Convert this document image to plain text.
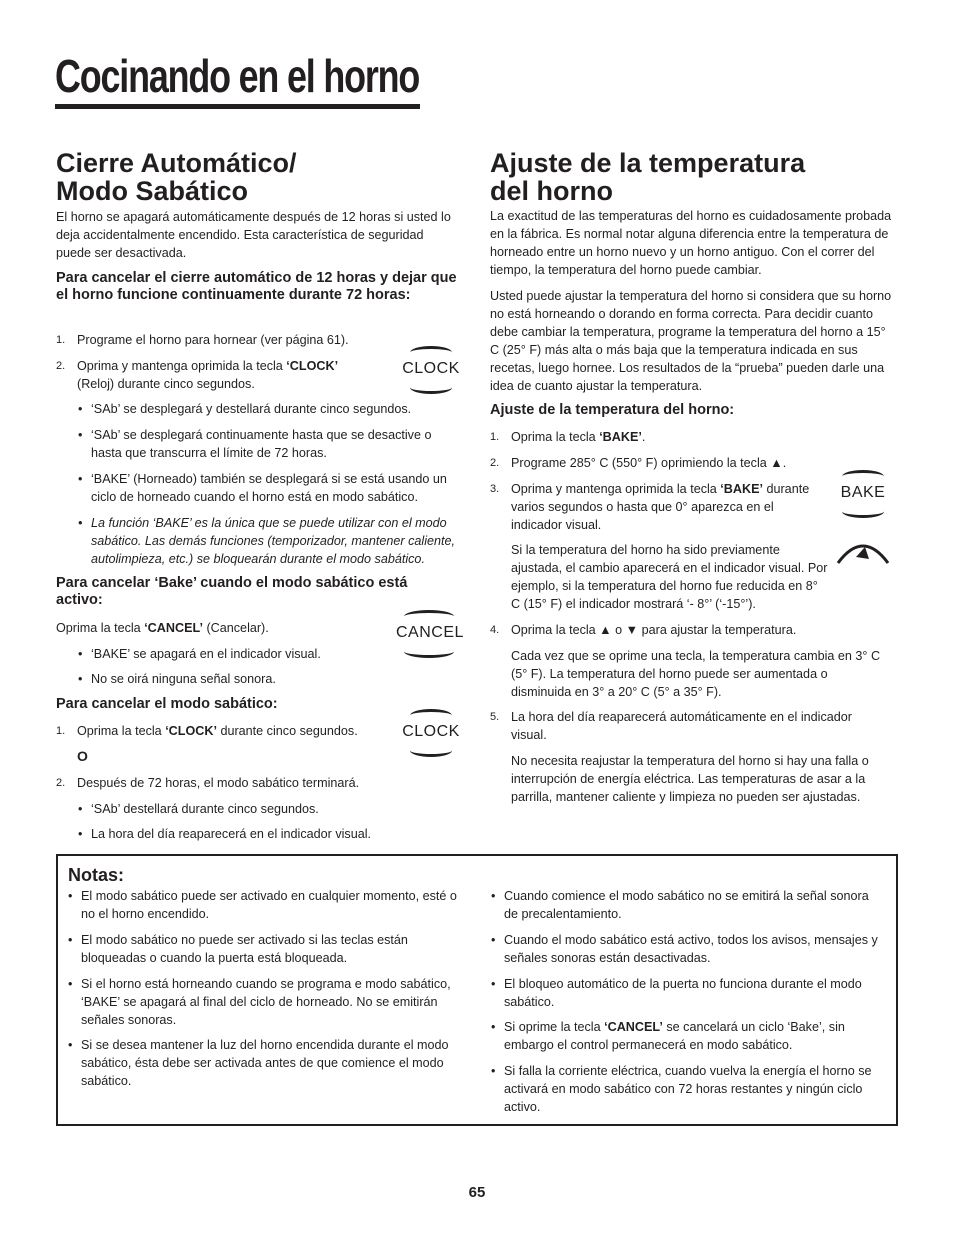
Cocinando en el horno
Cierre Automático/
Modo Sabático

El horno se apagará automáticamente después de 12 horas si usted lo deja accidentalmente encendido. Esta característica de seguridad puede ser desactivada.

Para cancelar el cierre automático de 12 horas y dejar que el horno funcione continuamente durante 72 horas:

1. Programe el horno para hornear (ver página 61).
2. Oprima y mantenga oprimida la tecla ‘CLOCK’ (Reloj) durante cinco segundos.
CLOCK
• ‘SAb’ se desplegará y destellará durante cinco segundos.
• ‘SAb’ se desplegará continuamente hasta que se desactive o hasta que transcurra el límite de 72 horas.
• ‘BAKE’ (Horneado) también se desplegará si se está usando un ciclo de horneado cuando el horno está en modo sabático.
• La función ‘BAKE’ es la única que se puede utilizar con el modo sabático. Las demás funciones (temporizador, mantener caliente, autolimpieza, etc.) se bloquearán durante el modo sabático.

Para cancelar ‘Bake’ cuando el modo sabático está activo:

Oprima la tecla ‘CANCEL’ (Cancelar).	CANCEL
• ‘BAKE’ se apagará en el indicador visual.
• No se oirá ninguna señal sonora.

Para cancelar el modo sabático:

1. Oprima la tecla ‘CLOCK’ durante cinco segundos.	CLOCK
O
2. Después de 72 horas, el modo sabático terminará.
• ‘SAb’ destellará durante cinco segundos.
• La hora del día reaparecerá en el indicador visual.
Ajuste de la temperatura
del horno

La exactitud de las temperaturas del horno es cuidadosamente probada en la fábrica. Es normal notar alguna diferencia entre la temperatura de horneado entre un horno nuevo y un horno antiguo. Con el correr del tiempo, la temperatura del horno puede cambiar.

Usted puede ajustar la temperatura del horno si considera que su horno no está horneando o dorando en forma correcta. Para decidir cuanto debe cambiar la temperatura, programe la temperatura del horno a 15° C (25° F) más alta o más baja que la temperatura indicada en sus recetas, luego hornee. Los resultados de la “prueba” pueden darle una idea de cuanto ajustar la temperatura.

Ajuste de la temperatura del horno:

1. Oprima la tecla ‘BAKE’.
2. Programe 285° C (550° F) oprimiendo la tecla ▲.
3. Oprima y mantenga oprimida la tecla ‘BAKE’ durante varios segundos o hasta que 0° aparezca en el indicador visual.

Si la temperatura del horno ha sido previamente ajustada, el cambio aparecerá en el indicador visual. Por ejemplo, si la temperatura del horno fue reducida en 8° C (15° F) el indicador mostrará ‘- 8°’ (‘-15°’).

BAKE
4. Oprima la tecla ▲ o ▼ para ajustar la temperatura.

Cada vez que se oprime una tecla, la temperatura cambia en 3° C (5° F). La temperatura del horno puede ser aumentada o disminuida en 3° a 20° C (5° a 35° F).

5. La hora del día reaparecerá automáticamente en el indicador visual.

No necesita reajustar la temperatura del horno si hay una falla o interrupción de energía eléctrica. Las temperaturas de asar a la parrilla, mantener caliente y limpieza no pueden ser ajustadas.

Notas:
• El modo sabático puede ser activado en cualquier momento, esté o no el horno encendido.
• El modo sabático no puede ser activado si las teclas están bloqueadas o cuando la puerta está bloqueada.
• Si el horno está horneando cuando se programa e modo sabático, ‘BAKE’ se apagará al final del ciclo de horneado. No se emitirán señales sonoras.
• Si se desea mantener la luz del horno encendida durante el modo sabático, ésta debe ser activada antes de que comience el modo sabático.
• Cuando comience el modo sabático no se emitirá la señal sonora de precalentamiento.
• Cuando el modo sabático está activo, todos los avisos, mensajes y señales sonoras están desactivadas.
• El bloqueo automático de la puerta no funciona durante el modo sabático.
• Si oprime la tecla ‘CANCEL’ se cancelará un ciclo ‘Bake’, sin embargo el control permanecerá en modo sabático.
• Si falla la corriente eléctrica, cuando vuelva la energía el horno se activará en modo sabático con 72 horas restantes y ningún ciclo activo.
65
